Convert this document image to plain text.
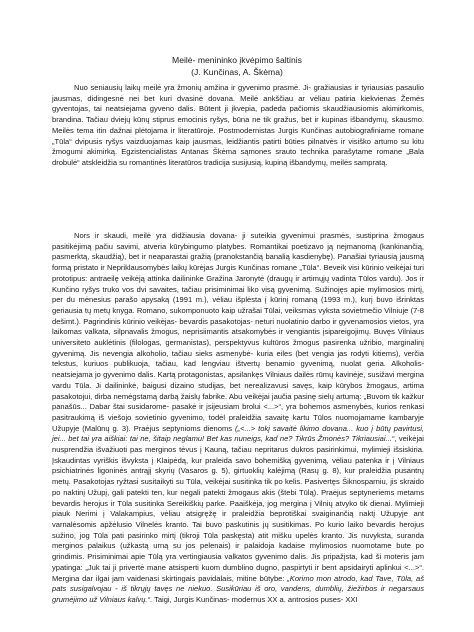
Meilė- menininko įkvėpimo šaltinis
(J. Kunčinas, A. Škėma)

Nuo seniausių laikų meilė yra žmonių amžina ir gyvenimo prasmė. Ji- gražiausias ir tyriausias pasaulio jausmas, didingesnė nei bet kuri dvasinė dovana. Meilė ankščiau ar vėliau patiria kiekvienas Žemės gyventojas, tai neatsiejama gyveno dalis. Būtent ji įkvepia, padeda pačiomis skaudžiausiomis akimirkomis, brandina. Tačiau dviejų kūnų stiprus emocinis ryšys, būna ne tik gražus, bet ir kupinas išbandymų, skausmo. Meilės tema itin dažnai plėtojama ir literatūroje. Postmodernistas Jurgis Kunčinas autobiografiniame romane „Tūla“ dvipusis ryšys vaizduojamas kaip jausmas, leidžiantis patirti būties pilnatvės ir visiško artumo su kitu žmogumi akimirką. Egzistencialistas Antanas Škėma sąmones srauto technika parašytame romane „Bala drobulė“ atskleidžia su romantinės literatūros tradicija susijusią, kupiną išbandymų, meilės sampratą.

Nors ir skaudi, meilė yra didžiausia dovana- ji suteikia gyvenimui prasmės, sustiprina žmogaus pasitikėjimą pačiu savimi, atveria kūrybingumo platybes. Romantikai poetizavo ją nejmanomą (kankinančią, pasmerktą, skaudžią), bet ir neaparastai gražią (pranokstančią banalią kasdienybę). Panašiai tyriausią jausmą formą pristato ir Nepriklausomybės laikų kūrėjas Jurgis Kunčinas romane „Tūla“. Beveik visi kūrinio veikėjai turi prototipus: antraeilę veikėją attinka dailininke Gražina Jaronytė (draugų ir artimųjų vadinta Tūlos vardu). Jos ir Kunčino ryšys truko vos dvi savaites, tačiau prisiminimai liko visą gyvenimą. Sužinojęs apie mylimosios mirtį, per du mėnesius parašo apysaką (1991 m.), vėliau išplėsta į kūrinį romaną (1993 m.), kurį buvo išrinktas geriausia tų metų knyga. Romano, sukomponuoto kaip užrašai Tūlai, veiksmas vyksta sovietmečio Vilniuje (7-8 dešimt.). Pagrindinis kūrinio veikėjas- bevardis pasakotojas- neturi nuolatinio darbo ir gyvenamosios vietos, yra laikomas valkata, silpnavalis žmogus, neprisiimantis atsakomybės ir vengiantis įsipareigojimų. Buvęs Vilniaus universiteto auklėtinis (filologas, germanistas), perspektyvus kultūros žmogus pasirenka užribio, marginalinį gyvenimą. Jis nevengia alkoholio, tačiau sieks asmenybė- kuria eiles (bet vengia jas rodyti kitiems), verčia tekstus, kuriuos publikuoja, tačiau, kad lengviau ištvertų benamio gyvenimą, nuolat geria. Alkoholis- neatsiejama jo gyvenimo dalis. Kartą protagonistas, apsilankęs Vilniaus dailės rūmų kavinėje, susižavi mergina vardu Tūla. Ji dailininkė, baigusi dizaino studijas, bet nerealizavusi savęs, kaip kūrybos žmogaus, artima pasakotojui, dirba nemėgstamą darbą žaislų fabrike. Abu veikėjai jaučia pasinę sielų artumą: „Buvom tik kažkur panašūs... Dabar štai susidarome- pasakė ir įsijeusiam brolui <...>“, yra bohemos asmenybės, kurios renkasi pasitraukimą iš viešojo sovietinio gyvenimo, todėl praleidžia savaitę kartu Tūlos nuomojamame kambaryje Užupyje (Malūnų g. 3). Praėjus septynioms dienoms („<...> tokį savaitė likimo dovana... kuo į būtų pavirtusi, jei... bet tai yra aiškiai: tai ne, šitaip neglamu! Bet kas nuneigs, kad ne? Tikrūs Žmonės? Tikriausiai...“, veikėjai nusprendžia išvažiuoti pas merginos tėvus į Kauną, tačiau nepritarus dukros pasirinkimui, mylimieji išsiskiria. Įskaudintas vyriškis išvyksta į Klaipėdą, kur praleida savo bohemišką gyvenimą, vėliau patenka ir į Vilniaus psichiatrinės ligoninės antrąjį skyrių (Vasaros g. 5), girtuoklių kalėjimą (Rasų g. 8), kur praleidžia pusantrų metų. Pasakotojas ryžtasi susitaikyti su Tūla, veikėjai susitinka tik po kelis. Pasivertęs Šiknosparniu, jis skraido po naktinį Užupį, gali patekti ten, kur negali patekti žmogaus akis (štebi Tūlą). Praėjus septyneriems metams bevardis herojus ir Tūla susitinka Sereikiškių parke. Paaiškėja, jog mergina į Vilnių atvyko tik dienai. Mylimieji piauk Nerimi į Valakampius, vėliau atsigręžę ir praleidžia beprotiškai svaiginančią naktį Užupyje ant varnalėsomis apžėlusio Vilnelės kranto. Tai buvo paskutinis jų susitikimas. Po kurio laiko bevardis herojus sužino, jog Tūla pati pasirinko mirtį (tikroji Tūla paskęsta) atit mišku upelės kranto. Jis nuvyksta, suranda merginos palaikus (užkastą urną su jos pelenais) ir palaidoja kadaise mylimosios nuomotame bute po grindimis. Prisiminimai apie Tūlą yra vertingiausia valkatos gyvenimo dalis. Jis pripažįsta, kad ši moteris jam ypatinga: „Juk tai ji privertė mane atsisperti kuom dumblino dugno, paspirtyti ir bent apsidairyti aplinkui <...>“. Mergina dar ilgai jam vaidenasi skirtingais pavidalais, mitine būtybe: „Korimo mon atrodo, kad Tave, Tūla, aš pats susigalvojau - iš tikrųjų tavęs ne niekuo. Susikūriau iš oro, vandens, dumblių, žiežirbos ir negarsaus grumėjimo už Vilniaus kalvų.“. Taigi, Jurgis Kunčinas- modernus XX a. antrosios puses- XXI
